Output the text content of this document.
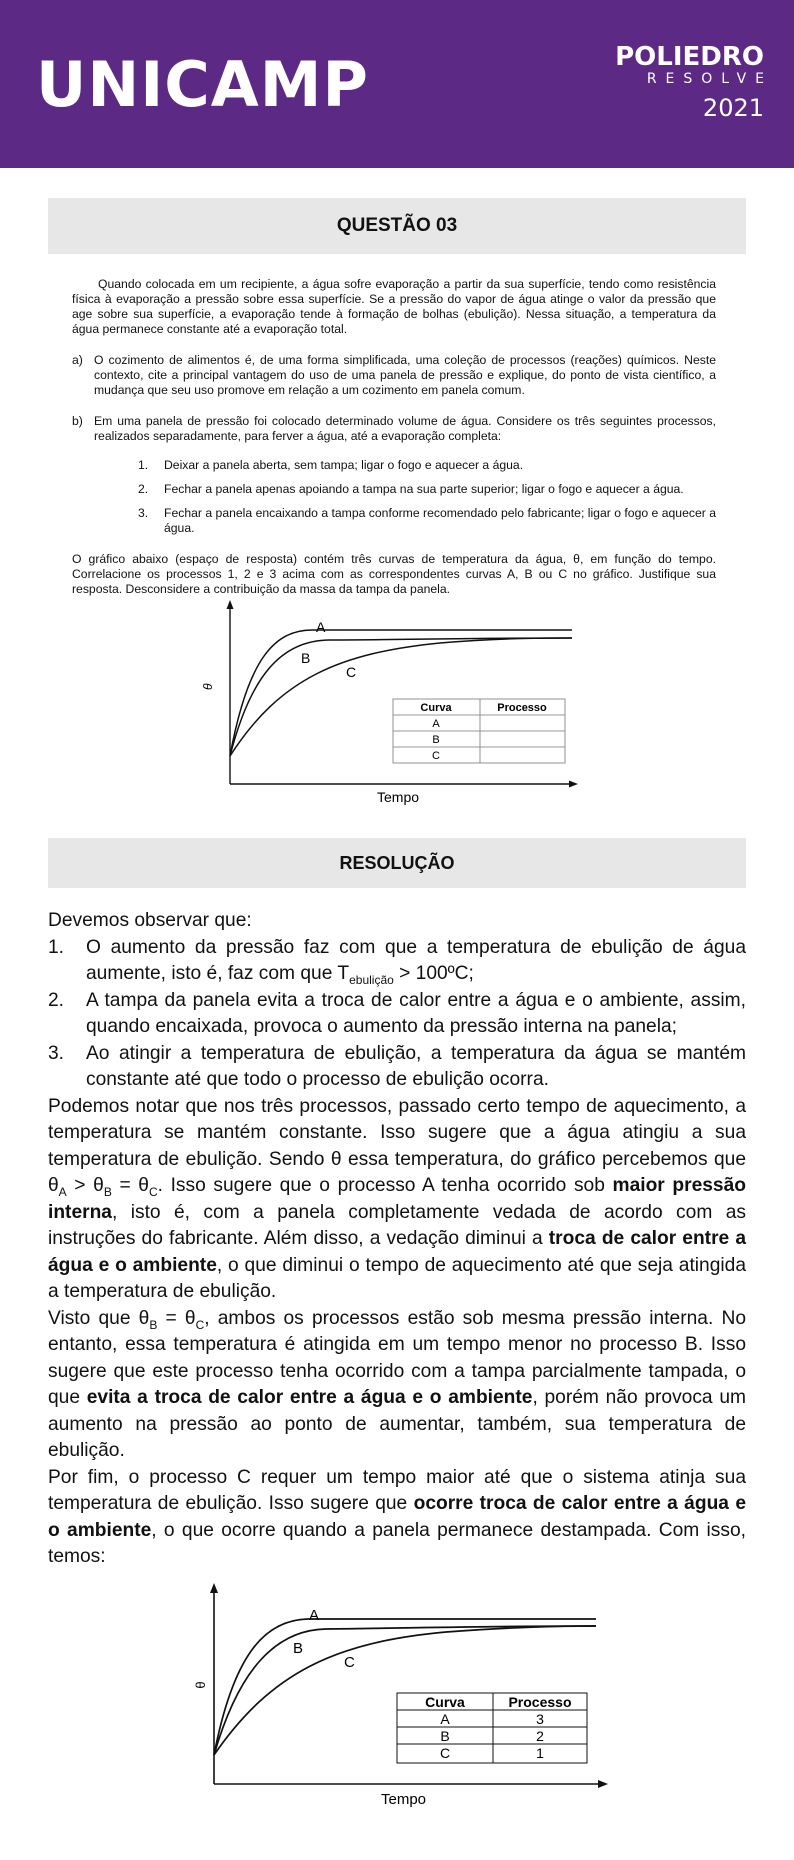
UNICAMP	POLIEDRO
RESOLVE
2021
QUESTÃO 03

Quando colocada em um recipiente, a água sofre evaporação a partir da sua superfície, tendo como resistência física à evaporação a pressão sobre essa superfície. Se a pressão do vapor de água atinge o valor da pressão que age sobre sua superfície, a evaporação tende à formação de bolhas (ebulição). Nessa situação, a temperatura da água permanece constante até a evaporação total.

a) O cozimento de alimentos é, de uma forma simplificada, uma coleção de processos (reações) químicos. Neste contexto, cite a principal vantagem do uso de uma panela de pressão e explique, do ponto de vista científico, a mudança que seu uso promove em relação a um cozimento em panela comum.
b) Em uma panela de pressão foi colocado determinado volume de água. Considere os três seguintes processos, realizados separadamente, para ferver a água, até a evaporação completa:
1.	Deixar a panela aberta, sem tampa; ligar o fogo e aquecer a água.
2.	Fechar a panela apenas apoiando a tampa na sua parte superior; ligar o fogo e aquecer a água.
3.	Fechar a panela encaixando a tampa conforme recomendado pelo fabricante; ligar o fogo e aquecer a água.

O gráfico abaixo (espaço de resposta) contém três curvas de temperatura da água, θ, em função do tempo. Correlacione os processos 1, 2 e 3 acima com as correspondentes curvas A, B ou C no gráfico. Justifique sua resposta. Desconsidere a contribuição da massa da tampa da panela.

A
B
C
θ
Tempo
Curva	Processo
A
B
C
RESOLUÇÃO

Devemos observar que:

1.	O aumento da pressão faz com que a temperatura de ebulição de água aumente, isto é, faz com que $T_{ebulição}$ > 100ºC;
2.	A tampa da panela evita a troca de calor entre a água e o ambiente, assim, quando encaixada, provoca o aumento da pressão interna na panela;
3.	Ao atingir a temperatura de ebulição, a temperatura da água se mantém constante até que todo o processo de ebulição ocorra.

Podemos notar que nos três processos, passado certo tempo de aquecimento, a temperatura se mantém constante. Isso sugere que a água atingiu a sua temperatura de ebulição. Sendo θ essa temperatura, do gráfico percebemos que $\theta_A > \theta_B = \theta_C$. Isso sugere que o processo A tenha ocorrido sob maior pressão interna, isto é, com a panela completamente vedada de acordo com as instruções do fabricante. Além disso, a vedação diminui a troca de calor entre a água e o ambiente, o que diminui o tempo de aquecimento até que seja atingida a temperatura de ebulição.

Visto que $\theta_B = \theta_C$, ambos os processos estão sob mesma pressão interna. No entanto, essa temperatura é atingida em um tempo menor no processo B. Isso sugere que este processo tenha ocorrido com a tampa parcialmente tampada, o que evita a troca de calor entre a água e o ambiente, porém não provoca um aumento na pressão ao ponto de aumentar, também, sua temperatura de ebulição.

Por fim, o processo C requer um tempo maior até que o sistema atinja sua temperatura de ebulição. Isso sugere que ocorre troca de calor entre a água e o ambiente, o que ocorre quando a panela permanece destampada. Com isso, temos:

A
B
C
θ
Tempo
Curva	Processo
A	3
B	2
C	1
